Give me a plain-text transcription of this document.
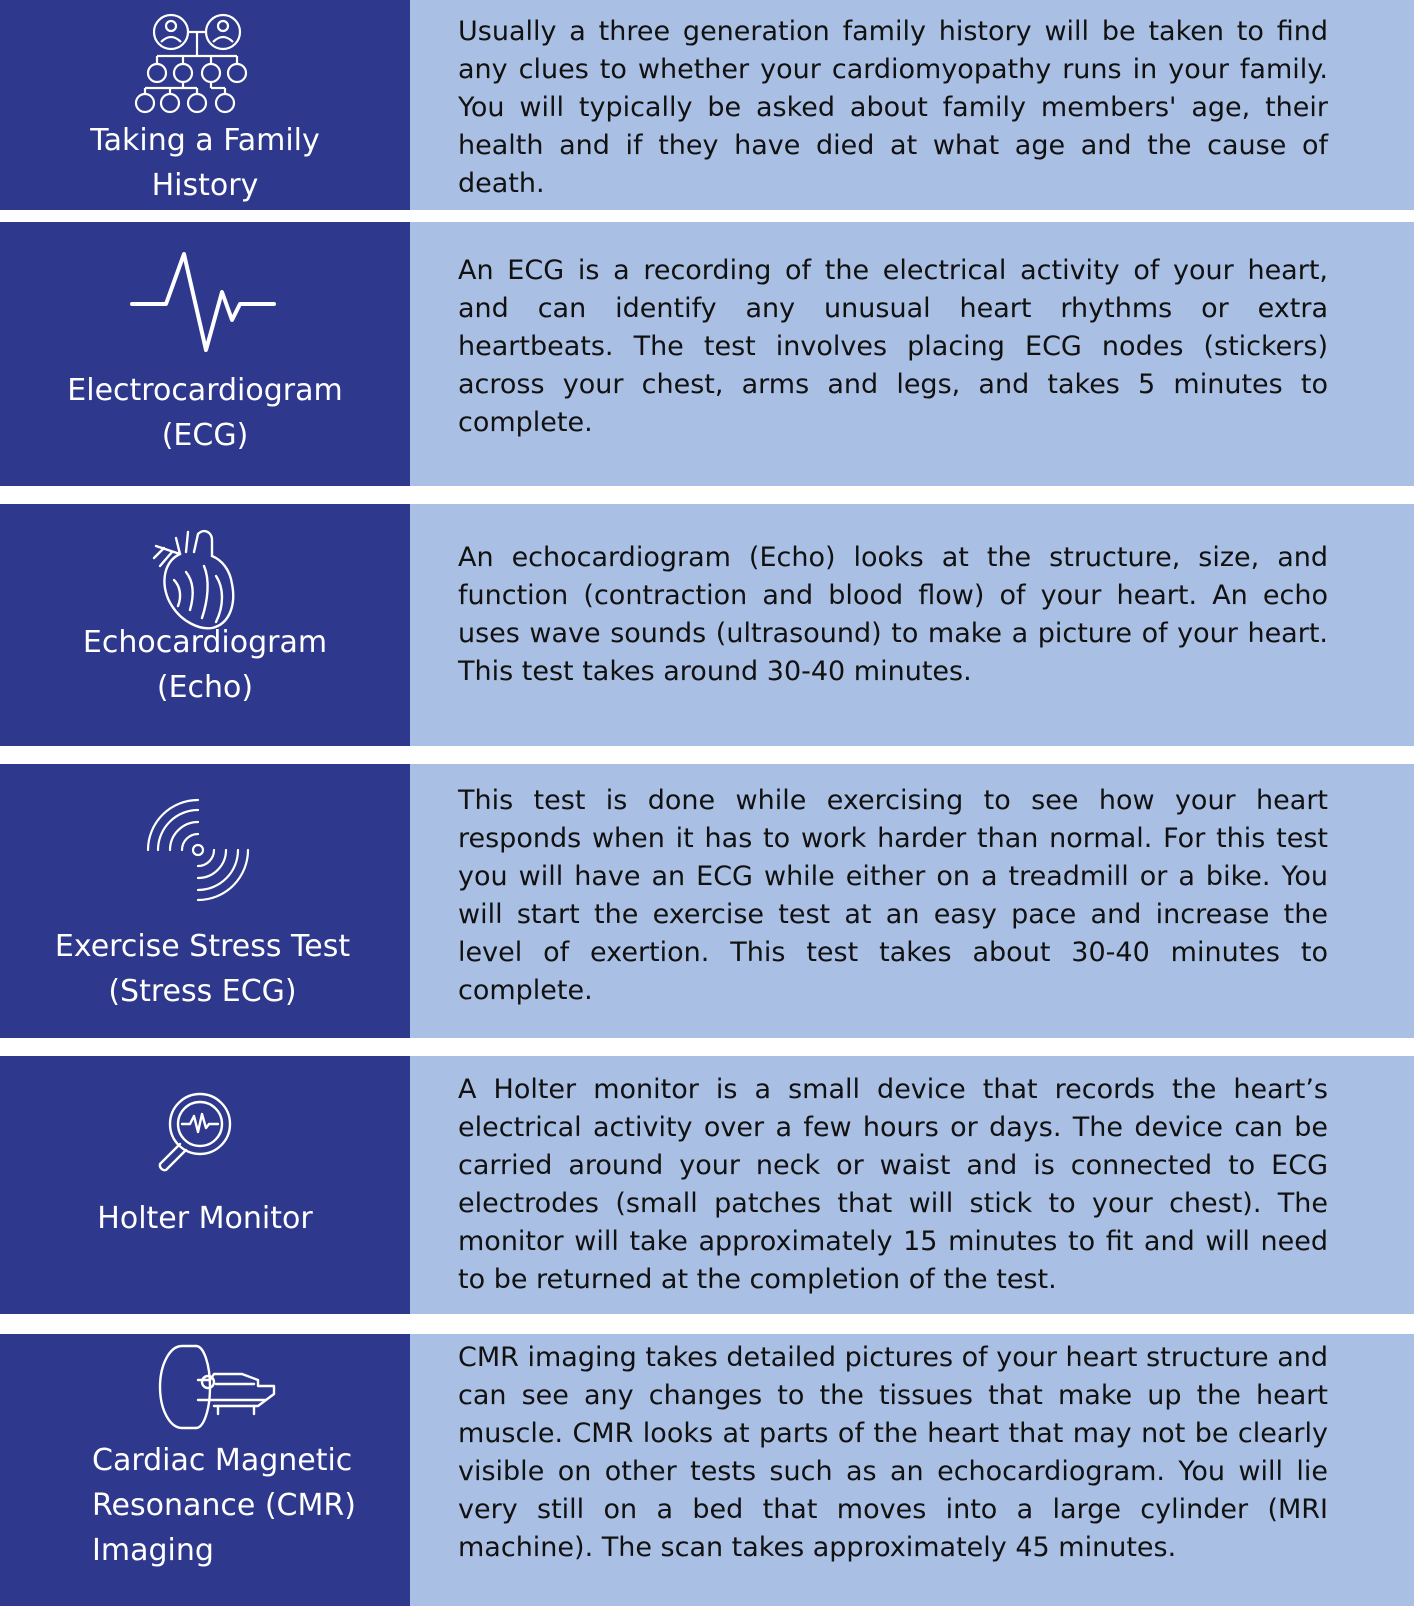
Taking a Family
History
Usually a three generation family history will be taken to find any clues to whether your cardiomyopathy runs in your family. You will typically be asked about family members' age, their health and if they have died at what age and the cause of death.
Electrocardiogram
(ECG)
An ECG is a recording of the electrical activity of your heart, and can identify any unusual heart rhythms or extra heartbeats. The test involves placing ECG nodes (stickers) across your chest, arms and legs, and takes 5 minutes to complete.
Echocardiogram
(Echo)
An echocardiogram (Echo) looks at the structure, size, and function (contraction and blood flow) of your heart. An echo uses wave sounds (ultrasound) to make a picture of your heart. This test takes around 30-40 minutes.
Exercise Stress Test
(Stress ECG)
This test is done while exercising to see how your heart responds when it has to work harder than normal. For this test you will have an ECG while either on a treadmill or a bike. You will start the exercise test at an easy pace and increase the level of exertion. This test takes about 30-40 minutes to complete.
Holter Monitor
A Holter monitor is a small device that records the heart’s electrical activity over a few hours or days. The device can be carried around your neck or waist and is connected to ECG electrodes (small patches that will stick to your chest). The monitor will take approximately 15 minutes to fit and will need to be returned at the completion of the test.
Cardiac Magnetic
Resonance (CMR)
Imaging
CMR imaging takes detailed pictures of your heart structure and can see any changes to the tissues that make up the heart muscle. CMR looks at parts of the heart that may not be clearly visible on other tests such as an echocardiogram. You will lie very still on a bed that moves into a large cylinder (MRI machine). The scan takes approximately 45 minutes.
